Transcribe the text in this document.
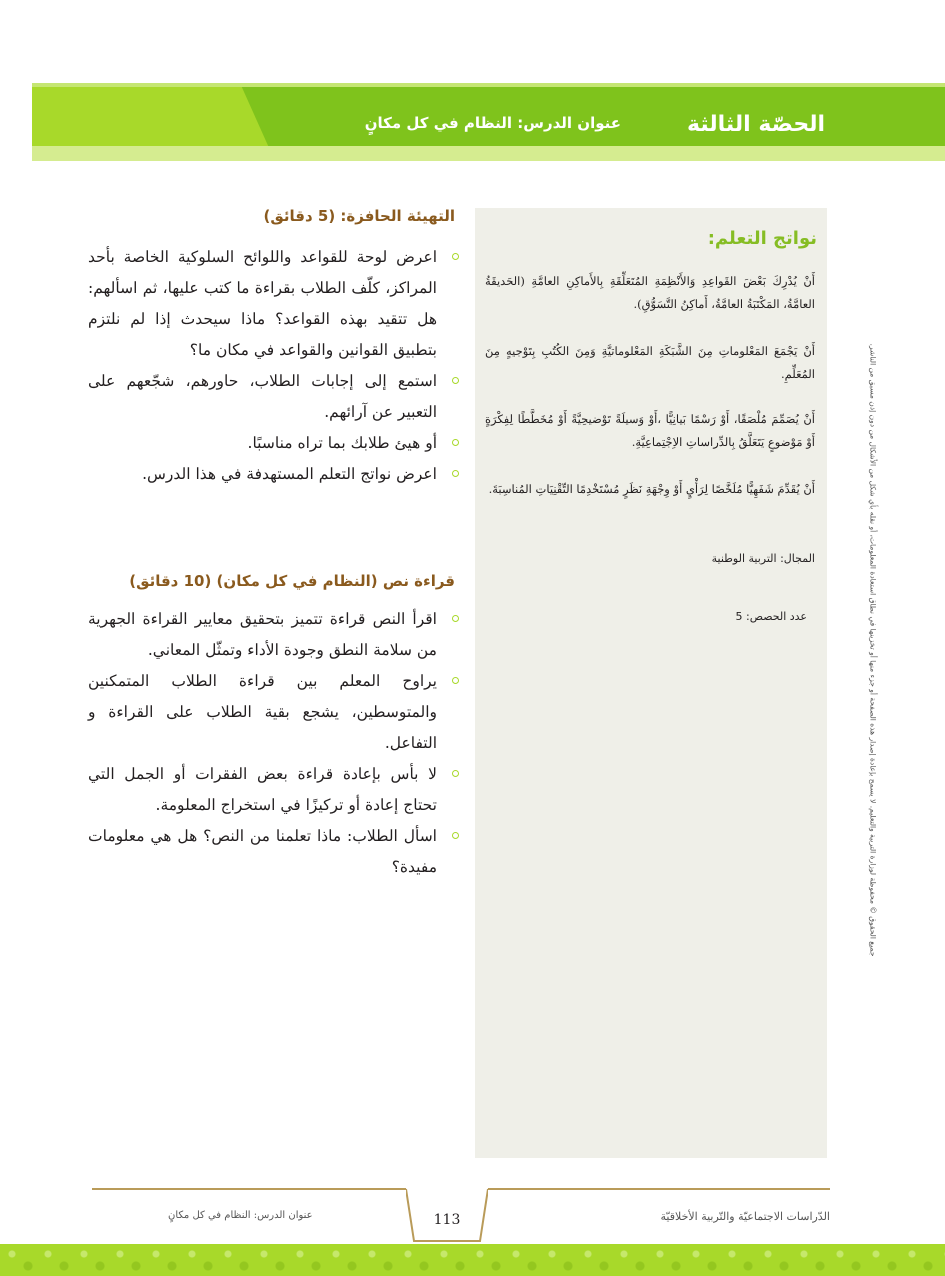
الحصّة الثالثة
عنوان الدرس: النظام في كل مكانٍ
نواتج التعلم:
أَنْ يُدْرِكَ بَعْضَ القَواعِدِ وَالأَنْظِمَةِ المُتَعَلِّقَةِ بِالأَماكِنِ العامَّةِ (الحَديقَةُ العامَّةُ، المَكْتَبَةُ العامَّةُ، أَماكِنُ التَّسَوُّقِ).
أَنْ يَجْمَعَ المَعْلوماتِ مِنَ الشَّبَكَةِ المَعْلوماتيَّةِ وَمِنَ الكُتُبِ بِتَوْجيهٍ مِنَ المُعَلِّمِ.
أَنْ يُصَمِّمَ مُلْصَقًا، أَوْ رَسْمًا بَيانِيًّا ،أَوْ وَسيلَةً تَوْضيحِيَّةً أَوْ مُخَطَّطًا لِفِكْرَةٍ أَوْ مَوْضوعٍ يَتَعَلَّقُ بِالدِّراساتِ الاِجْتِماعِيَّةِ.
أَنْ يُقَدِّمَ شَفَهِيًّا مُلَخَّصًا لِرَأْيٍ أَوْ وِجْهَةِ نَظَرٍ مُسْتَخْدِمًا التِّقْنِيَاتِ المُناسِبَةَ.
المجال: التربية الوطنية
عدد الحصص: 5	جميع الحقوق © محفوظة لوزارة التربية والتعليم. لا يسمح بإعادة إصدار هذه الصفحة أو جزء منها أو تخزينها في نطاق استعادة المعلومات، أو نقله بأي شكل من الأشكال من دون إذن مسبق من الناشر.
التهيئة الحافزة: (5 دقائق)
اعرض لوحة للقواعد واللوائح السلوكية الخاصة بأحد المراكز، كلّف الطلاب بقراءة ما كتب عليها، ثم اسألهم: هل تتقيد بهذه القواعد؟ ماذا سيحدث إذا لم نلتزم بتطبيق القوانين والقواعد في مكان ما؟
استمع إلى إجابات الطلاب، حاورهم، شجّعهم على التعبير عن آرائهم.
أو هيئ طلابك بما تراه مناسبًا.
اعرض نواتج التعلم المستهدفة في هذا الدرس.
قراءة نص (النظام في كل مكان) (10 دقائق)
اقرأ النص قراءة تتميز بتحقيق معايير القراءة الجهرية من سلامة النطق وجودة الأداء وتمثّل المعاني.
يراوح المعلم بين قراءة الطلاب المتمكنين والمتوسطين، يشجع بقية الطلاب على القراءة و التفاعل.
لا بأس بإعادة قراءة بعض الفقرات أو الجمل التي تحتاج إعادة أو تركيزًا في استخراج المعلومة.
اسأل الطلاب: ماذا تعلمنا من النص؟ هل هي معلومات مفيدة؟
113	الدّراسات الاجتماعيّة والتّربية الأخلاقيّة
عنوان الدرس: النظام في كل مكانٍ
